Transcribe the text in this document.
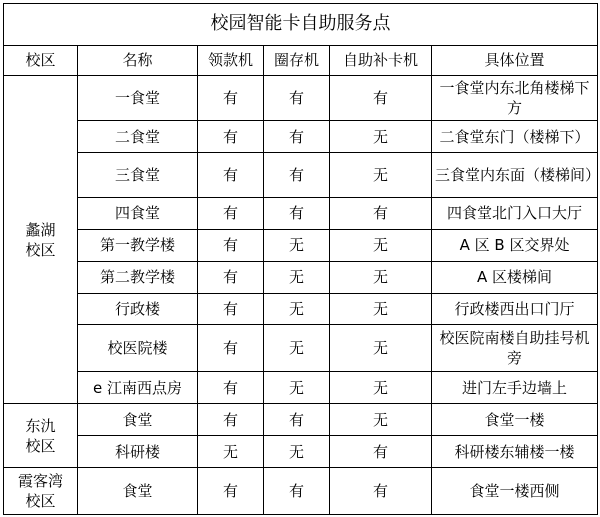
校园智能卡自助服务点					
校区	名称	领款机	圈存机	自助补卡机	具体位置
蠡湖
校区	一食堂	有	有	有	一食堂内东北角楼梯下方
	二食堂	有	有	无	二食堂东门（楼梯下）
	三食堂	有	有	无	三食堂内东面（楼梯间）
	四食堂	有	有	有	四食堂北门入口大厅
	第一教学楼	有	无	无	A 区 B 区交界处
	第二教学楼	有	无	无	A 区楼梯间
	行政楼	有	无	无	行政楼西出口门厅
	校医院楼	有	无	无	校医院南楼自助挂号机旁
	e 江南西点房	有	无	无	进门左手边墙上
东氿
校区	食堂	有	有	无	食堂一楼
	科研楼	无	无	有	科研楼东辅楼一楼
霞客湾
校区	食堂	有	有	有	食堂一楼西侧
